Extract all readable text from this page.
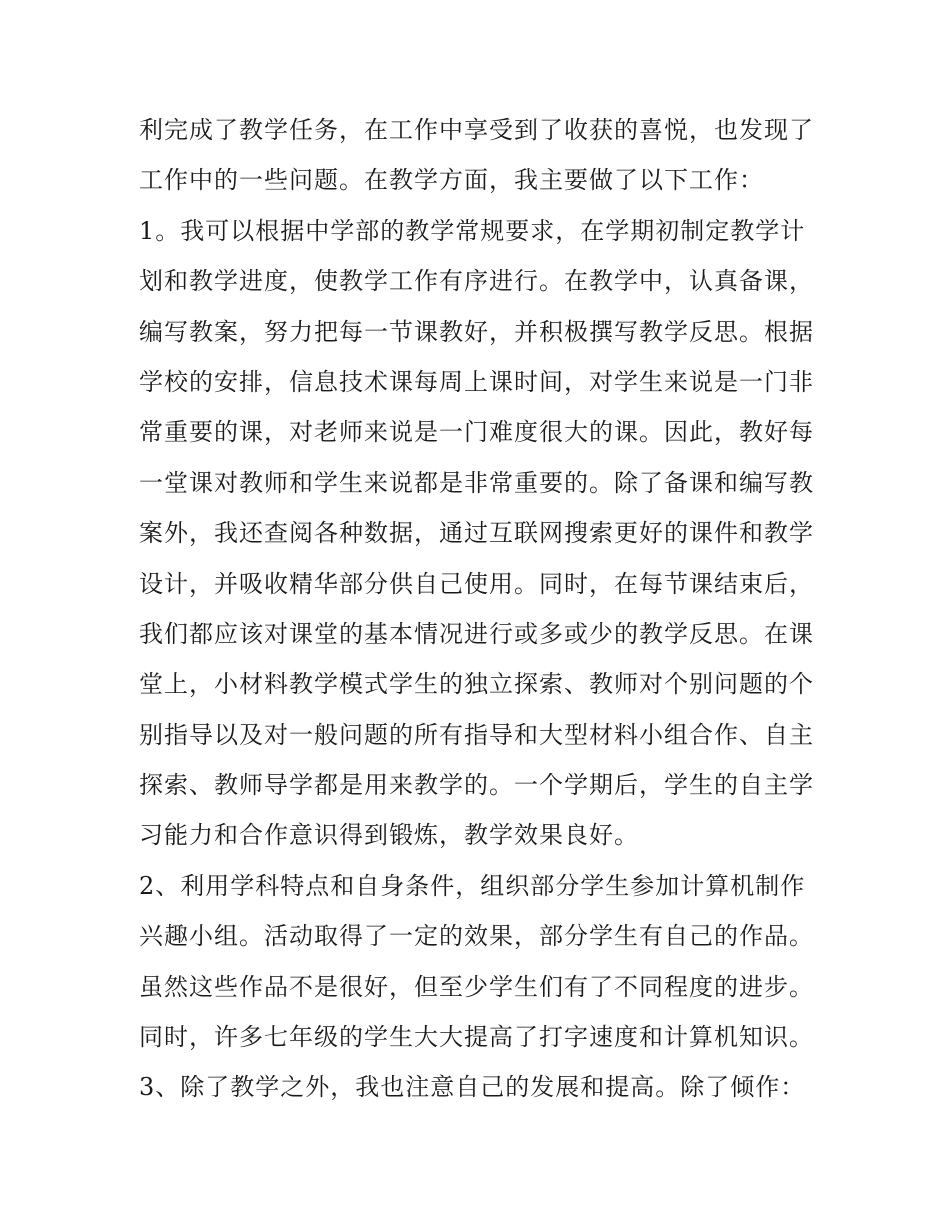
利完成了教学任务，在工作中享受到了收获的喜悦，也发现了
工作中的一些问题。在教学方面，我主要做了以下工作：
1。我可以根据中学部的教学常规要求，在学期初制定教学计
划和教学进度，使教学工作有序进行。在教学中，认真备课，
编写教案，努力把每一节课教好，并积极撰写教学反思。根据
学校的安排，信息技术课每周上课时间，对学生来说是一门非
常重要的课，对老师来说是一门难度很大的课。因此，教好每
一堂课对教师和学生来说都是非常重要的。除了备课和编写教
案外，我还查阅各种数据，通过互联网搜索更好的课件和教学
设计，并吸收精华部分供自己使用。同时，在每节课结束后，
我们都应该对课堂的基本情况进行或多或少的教学反思。在课
堂上，小材料教学模式学生的独立探索、教师对个别问题的个
别指导以及对一般问题的所有指导和大型材料小组合作、自主
探索、教师导学都是用来教学的。一个学期后，学生的自主学
习能力和合作意识得到锻炼，教学效果良好。
2、利用学科特点和自身条件，组织部分学生参加计算机制作
兴趣小组。活动取得了一定的效果，部分学生有自己的作品。
虽然这些作品不是很好，但至少学生们有了不同程度的进步。
同时，许多七年级的学生大大提高了打字速度和计算机知识。
3、除了教学之外，我也注意自己的发展和提高。除了倾作：
